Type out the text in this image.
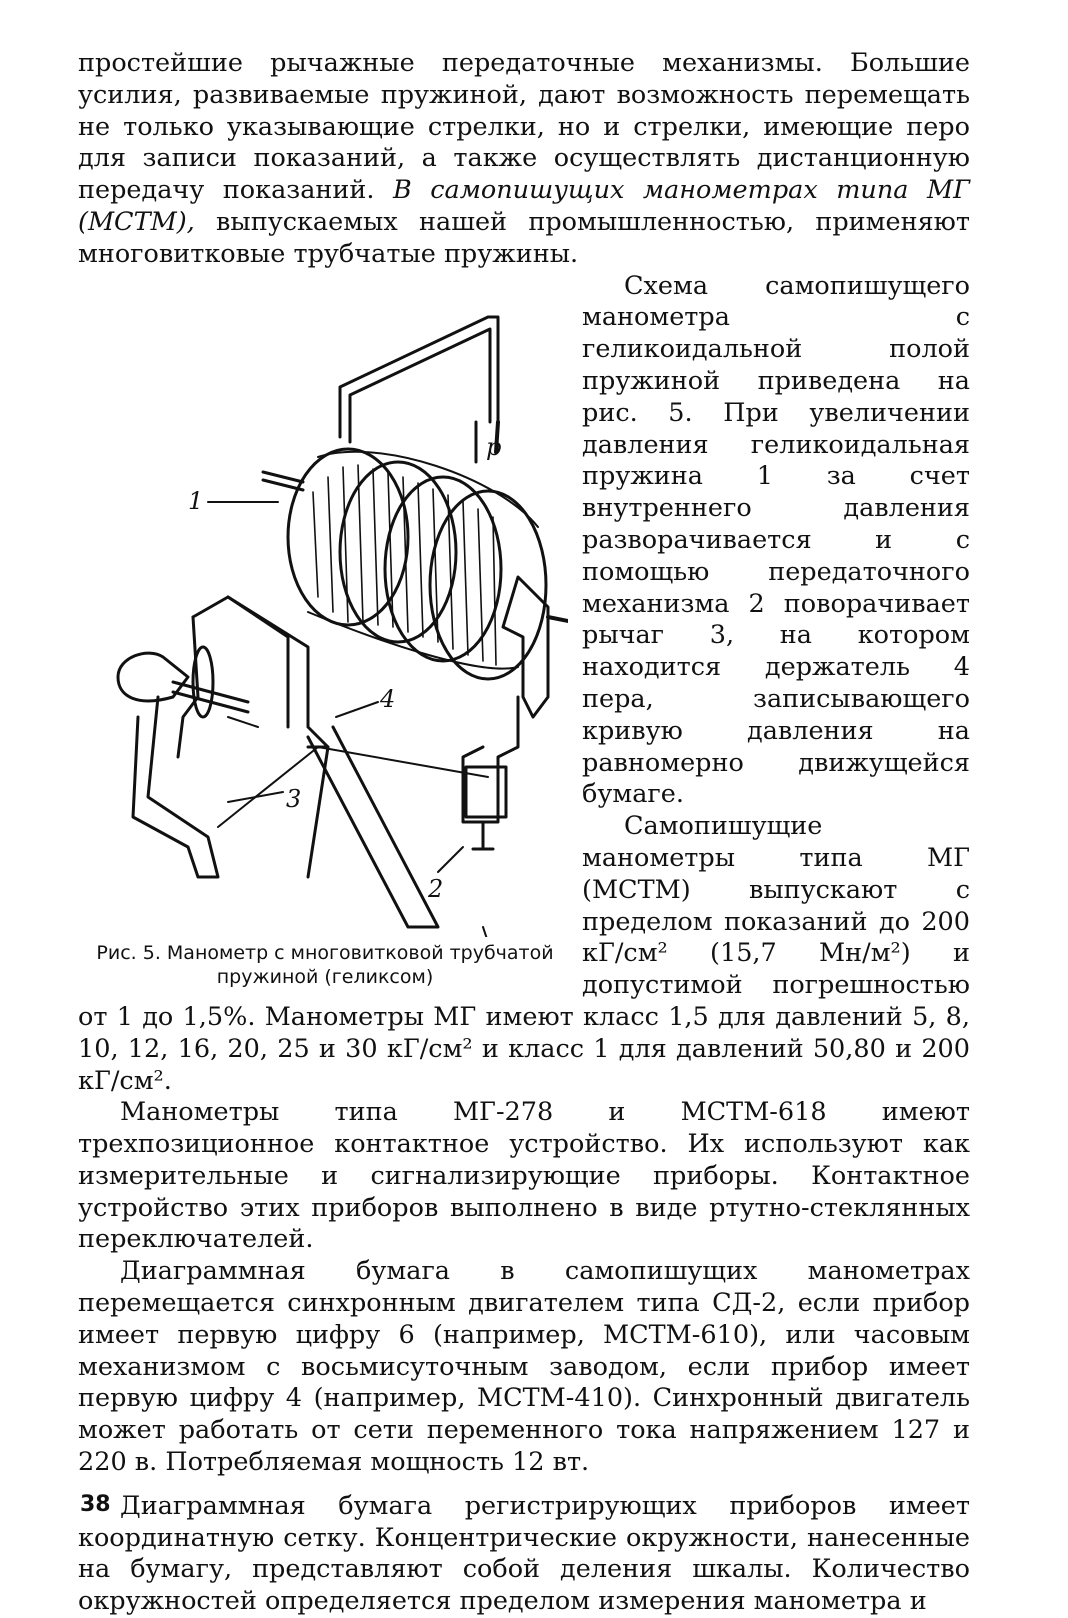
простейшие рычажные передаточные механизмы. Большие усилия, развиваемые пружиной, дают возможность перемещать не только указывающие стрелки, но и стрелки, имеющие перо для записи показаний, а также осуществлять дистанционную передачу показаний. В самопишущих манометрах типа МГ (МСТМ), выпускаемых нашей промышленностью, применяют многовитковые трубчатые пружины.

1
4
3
2
p
Рис. 5. Манометр с многовитковой трубчатой пружиной (геликсом)

Схема самопишущего манометра с геликоидальной полой пружиной приведена на рис. 5. При увеличении давления геликоидальная пружина 1 за счет внутреннего давления разворачивается и с помощью передаточного механизма 2 поворачивает рычаг 3, на котором находится держатель 4 пера, записывающего кривую давления на равномерно движущейся бумаге.

Самопишущие манометры типа МГ (МСТМ) выпускают с пределом показаний до 200 кГ/см² (15,7 Мн/м²) и допустимой погрешностью от 1 до 1,5%. Манометры МГ имеют класс 1,5 для давлений 5, 8, 10, 12, 16, 20, 25 и 30 кГ/см² и класс 1 для давлений 50,80 и 200 кГ/см².

Манометры типа МГ-278 и МСТМ-618 имеют трехпозиционное контактное устройство. Их используют как измерительные и сигнализирующие приборы. Контактное устройство этих приборов выполнено в виде ртутно-стеклянных переключателей.

Диаграммная бумага в самопишущих манометрах перемещается синхронным двигателем типа СД-2, если прибор имеет первую цифру 6 (например, МСТМ-610), или часовым механизмом с восьмисуточным заводом, если прибор имеет первую цифру 4 (например, МСТМ-410). Синхронный двигатель может работать от сети переменного тока напряжением 127 и 220 в. Потребляемая мощность 12 вт.

Диаграммная бумага регистрирующих приборов имеет координатную сетку. Концентрические окружности, нанесенные на бумагу, представляют собой деления шкалы. Количество окружностей определяется пределом измерения манометра и

38
